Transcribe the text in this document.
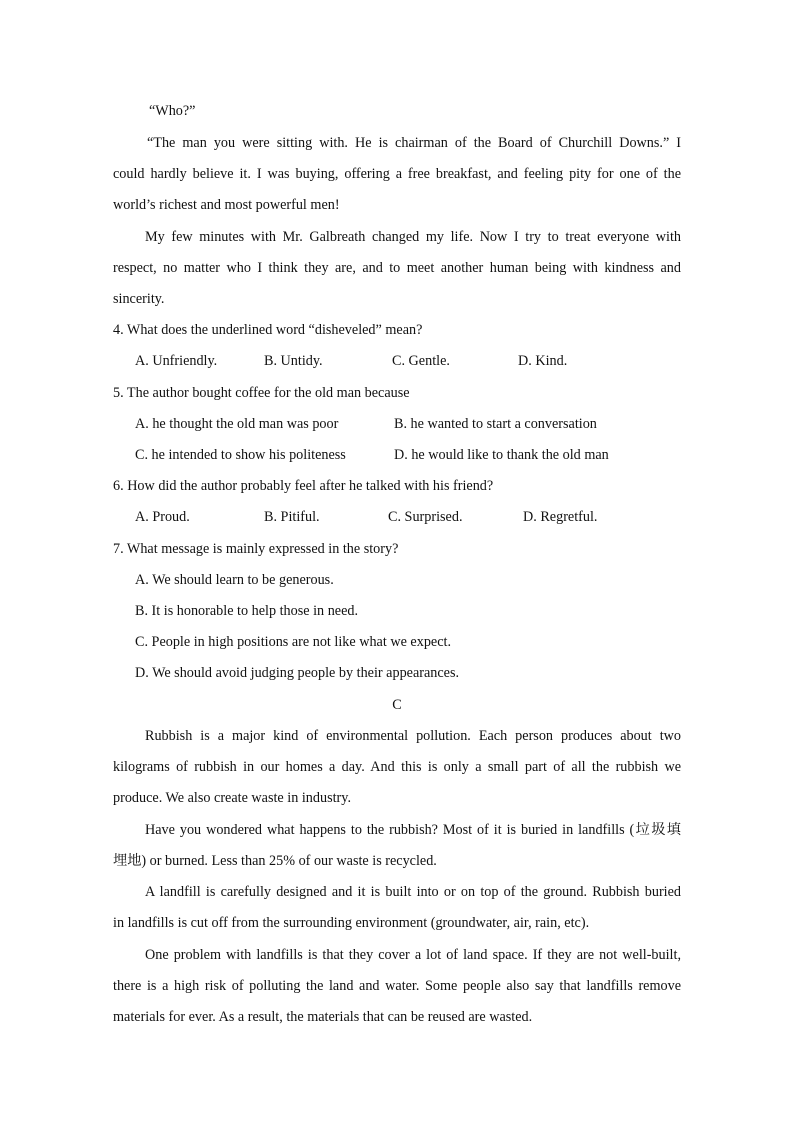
“Who?”
“The man you were sitting with. He is chairman of the Board of Churchill Downs.” I
could hardly believe it. I was buying, offering a free breakfast, and feeling pity for one of the
world’s richest and most powerful men!
My few minutes with Mr. Galbreath changed my life. Now I try to treat everyone with
respect, no matter who I think they are, and to meet another human being with kindness and
sincerity.
4. What does the underlined word “disheveled” mean?
A. Unfriendly.	B. Untidy.	C. Gentle.	D. Kind.
5. The author bought coffee for the old man because
A. he thought the old man was poor	B. he wanted to start a conversation
C. he intended to show his politeness	D. he would like to thank the old man
6. How did the author probably feel after he talked with his friend?
A. Proud.	B. Pitiful.	C. Surprised.	D. Regretful.
7. What message is mainly expressed in the story?
A. We should learn to be generous.
B. It is honorable to help those in need.
C. People in high positions are not like what we expect.
D. We should avoid judging people by their appearances.
C
Rubbish is a major kind of environmental pollution. Each person produces about two
kilograms of rubbish in our homes a day. And this is only a small part of all the rubbish we
produce. We also create waste in industry.
Have you wondered what happens to the rubbish? Most of it is buried in landfills (垃圾填
埋地) or burned. Less than 25% of our waste is recycled.
A landfill is carefully designed and it is built into or on top of the ground. Rubbish buried
in landfills is cut off from the surrounding environment (groundwater, air, rain, etc).
One problem with landfills is that they cover a lot of land space. If they are not well-built,
there is a high risk of polluting the land and water. Some people also say that landfills remove
materials for ever. As a result, the materials that can be reused are wasted.
